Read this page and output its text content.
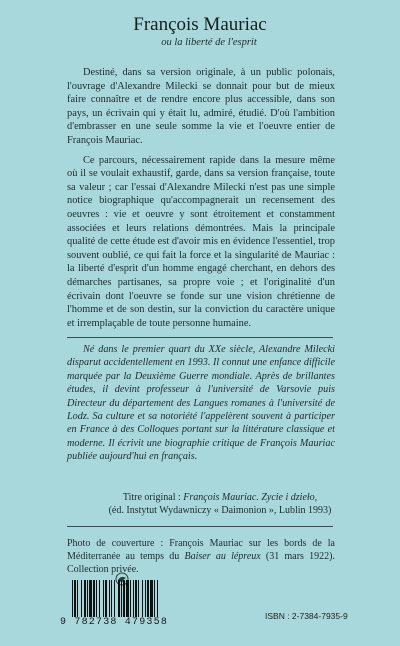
François Mauriac
ou la liberté de l'esprit

Destiné, dans sa version originale, à un public polonais, l'ouvrage d'Alexandre Milecki se donnait pour but de mieux faire connaître et de rendre encore plus accessible, dans son pays, un écrivain qui y était lu, admiré, étudié. D'où l'ambition d'embrasser en une seule somme la vie et l'oeuvre entier de François Mauriac.

Ce parcours, nécessairement rapide dans la mesure même où il se voulait exhaustif, garde, dans sa version française, toute sa valeur ; car l'essai d'Alexandre Milecki n'est pas une simple notice biographique qu'accompagnerait un recensement des oeuvres : vie et oeuvre y sont étroitement et constamment associées et leurs relations démontrées. Mais la principale qualité de cette étude est d'avoir mis en évidence l'essentiel, trop souvent oublié, ce qui fait la force et la singularité de Mauriac : la liberté d'esprit d'un homme engagé cherchant, en dehors des démarches partisanes, sa propre voie ; et l'originalité d'un écrivain dont l'oeuvre se fonde sur une vision chrétienne de l'homme et de son destin, sur la conviction du caractère unique et irremplaçable de toute personne humaine.

Né dans le premier quart du XXe siècle, Alexandre Milecki disparut accidentellement en 1993. Il connut une enfance difficile marquée par la Deuxième Guerre mondiale. Après de brillantes études, il devint professeur à l'université de Varsovie puis Directeur du département des Langues romanes à l'université de Lodz. Sa culture et sa notoriété l'appelèrent souvent à participer en France à des Colloques portant sur la littérature classique et moderne. Il écrivit une biographie critique de François Mauriac publiée aujourd'hui en français.

Titre original : François Mauriac. Zycie i dzieło,
(éd. Instytut Wydawniczy « Daimonion », Lublin 1993)
Photo de couverture : François Mauriac sur les bords de la Méditerranée au temps du Baiser au lépreux (31 mars 1922). Collection privée.
9 782738 479358
ISBN : 2-7384-7935-9
